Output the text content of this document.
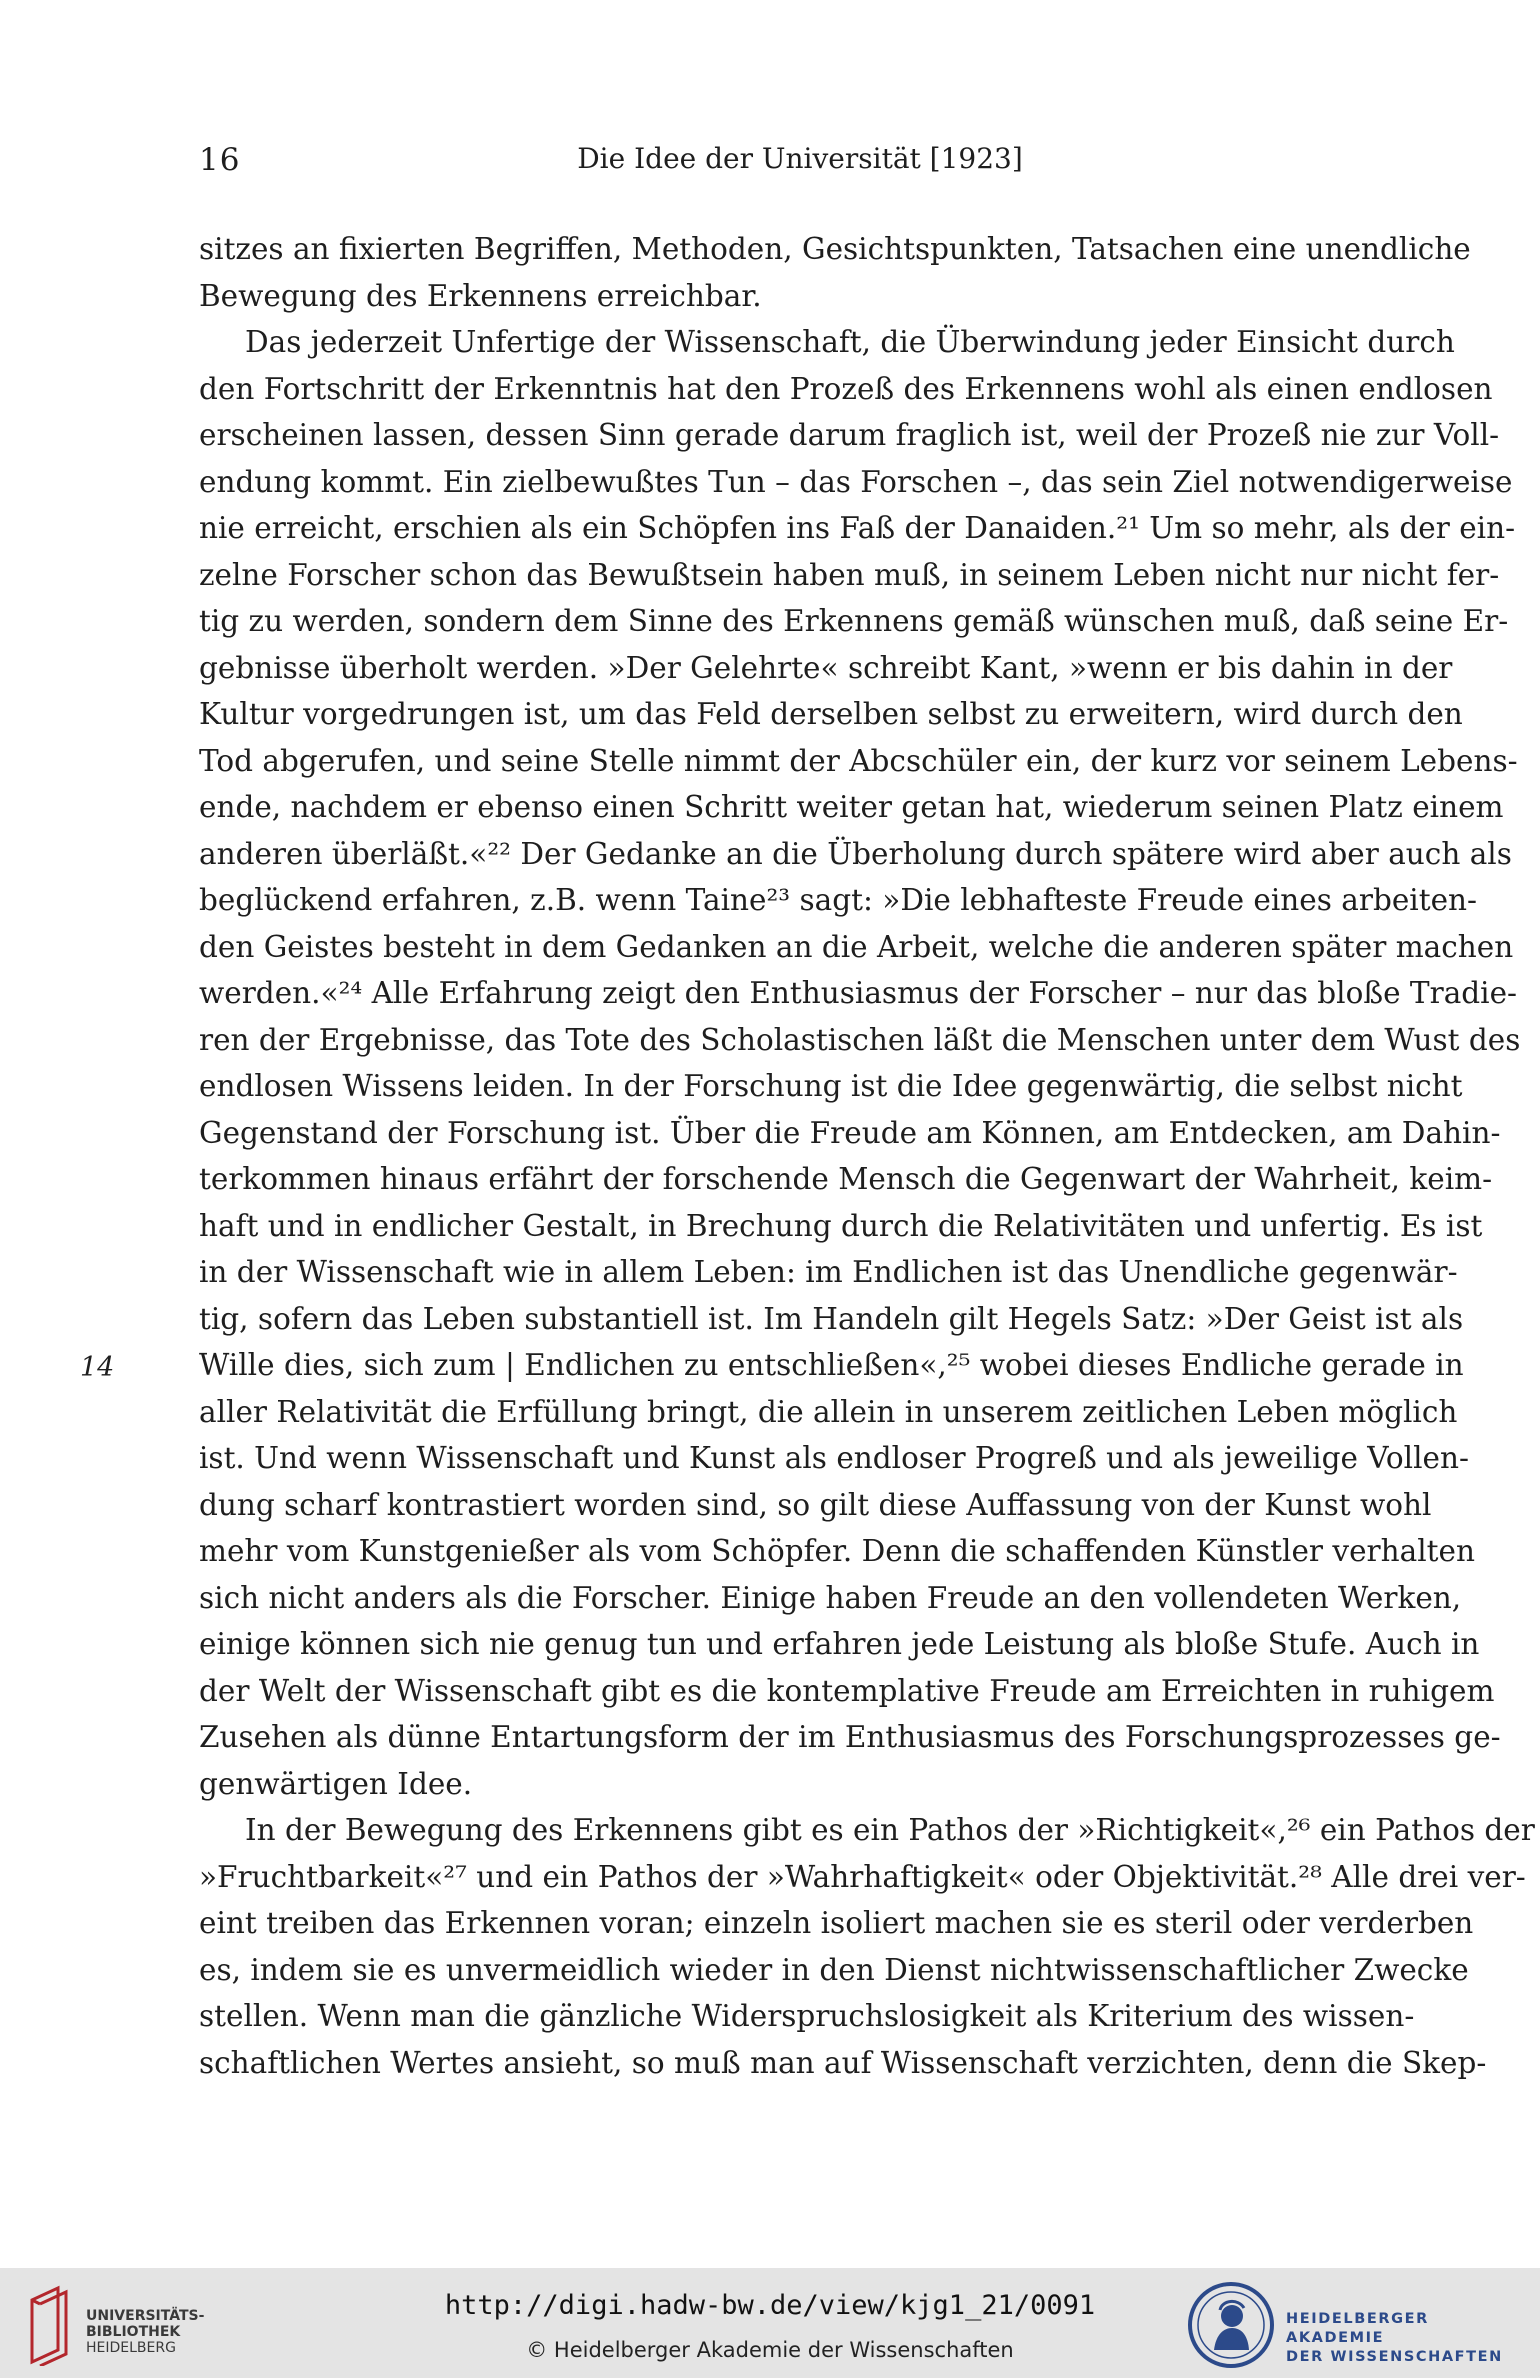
16	Die Idee der Universität [1923]
14
sitzes an fixierten Begriffen, Methoden, Gesichtspunkten, Tatsachen eine unendliche
Bewegung des Erkennens erreichbar.
Das jederzeit Unfertige der Wissenschaft, die Überwindung jeder Einsicht durch
den Fortschritt der Erkenntnis hat den Prozeß des Erkennens wohl als einen endlosen
erscheinen lassen, dessen Sinn gerade darum fraglich ist, weil der Prozeß nie zur Voll-
endung kommt. Ein zielbewußtes Tun – das Forschen –, das sein Ziel notwendigerweise
nie erreicht, erschien als ein Schöpfen ins Faß der Danaiden.²¹ Um so mehr, als der ein-
zelne Forscher schon das Bewußtsein haben muß, in seinem Leben nicht nur nicht fer-
tig zu werden, sondern dem Sinne des Erkennens gemäß wünschen muß, daß seine Er-
gebnisse überholt werden. »Der Gelehrte« schreibt Kant, »wenn er bis dahin in der
Kultur vorgedrungen ist, um das Feld derselben selbst zu erweitern, wird durch den
Tod abgerufen, und seine Stelle nimmt der Abcschüler ein, der kurz vor seinem Lebens-
ende, nachdem er ebenso einen Schritt weiter getan hat, wiederum seinen Platz einem
anderen überläßt.«²² Der Gedanke an die Überholung durch spätere wird aber auch als
beglückend erfahren, z.B. wenn Taine²³ sagt: »Die lebhafteste Freude eines arbeiten-
den Geistes besteht in dem Gedanken an die Arbeit, welche die anderen später machen
werden.«²⁴ Alle Erfahrung zeigt den Enthusiasmus der Forscher – nur das bloße Tradie-
ren der Ergebnisse, das Tote des Scholastischen läßt die Menschen unter dem Wust des
endlosen Wissens leiden. In der Forschung ist die Idee gegenwärtig, die selbst nicht
Gegenstand der Forschung ist. Über die Freude am Können, am Entdecken, am Dahin-
terkommen hinaus erfährt der forschende Mensch die Gegenwart der Wahrheit, keim-
haft und in endlicher Gestalt, in Brechung durch die Relativitäten und unfertig. Es ist
in der Wissenschaft wie in allem Leben: im Endlichen ist das Unendliche gegenwär-
tig, sofern das Leben substantiell ist. Im Handeln gilt Hegels Satz: »Der Geist ist als
Wille dies, sich zum | Endlichen zu entschließen«,²⁵ wobei dieses Endliche gerade in
aller Relativität die Erfüllung bringt, die allein in unserem zeitlichen Leben möglich
ist. Und wenn Wissenschaft und Kunst als endloser Progreß und als jeweilige Vollen-
dung scharf kontrastiert worden sind, so gilt diese Auffassung von der Kunst wohl
mehr vom Kunstgenießer als vom Schöpfer. Denn die schaffenden Künstler verhalten
sich nicht anders als die Forscher. Einige haben Freude an den vollendeten Werken,
einige können sich nie genug tun und erfahren jede Leistung als bloße Stufe. Auch in
der Welt der Wissenschaft gibt es die kontemplative Freude am Erreichten in ruhigem
Zusehen als dünne Entartungsform der im Enthusiasmus des Forschungsprozesses ge-
genwärtigen Idee.
In der Bewegung des Erkennens gibt es ein Pathos der »Richtigkeit«,²⁶ ein Pathos der
»Fruchtbarkeit«²⁷ und ein Pathos der »Wahrhaftigkeit« oder Objektivität.²⁸ Alle drei ver-
eint treiben das Erkennen voran; einzeln isoliert machen sie es steril oder verderben
es, indem sie es unvermeidlich wieder in den Dienst nichtwissenschaftlicher Zwecke
stellen. Wenn man die gänzliche Widerspruchslosigkeit als Kriterium des wissen-
schaftlichen Wertes ansieht, so muß man auf Wissenschaft verzichten, denn die Skep-
UNIVERSITÄTS-
BIBLIOTHEK
HEIDELBERG
http://digi.hadw-bw.de/view/kjg1_21/0091
© Heidelberger Akademie der Wissenschaften
HEIDELBERGER AKADEMIE
DER WISSENSCHAFTEN
